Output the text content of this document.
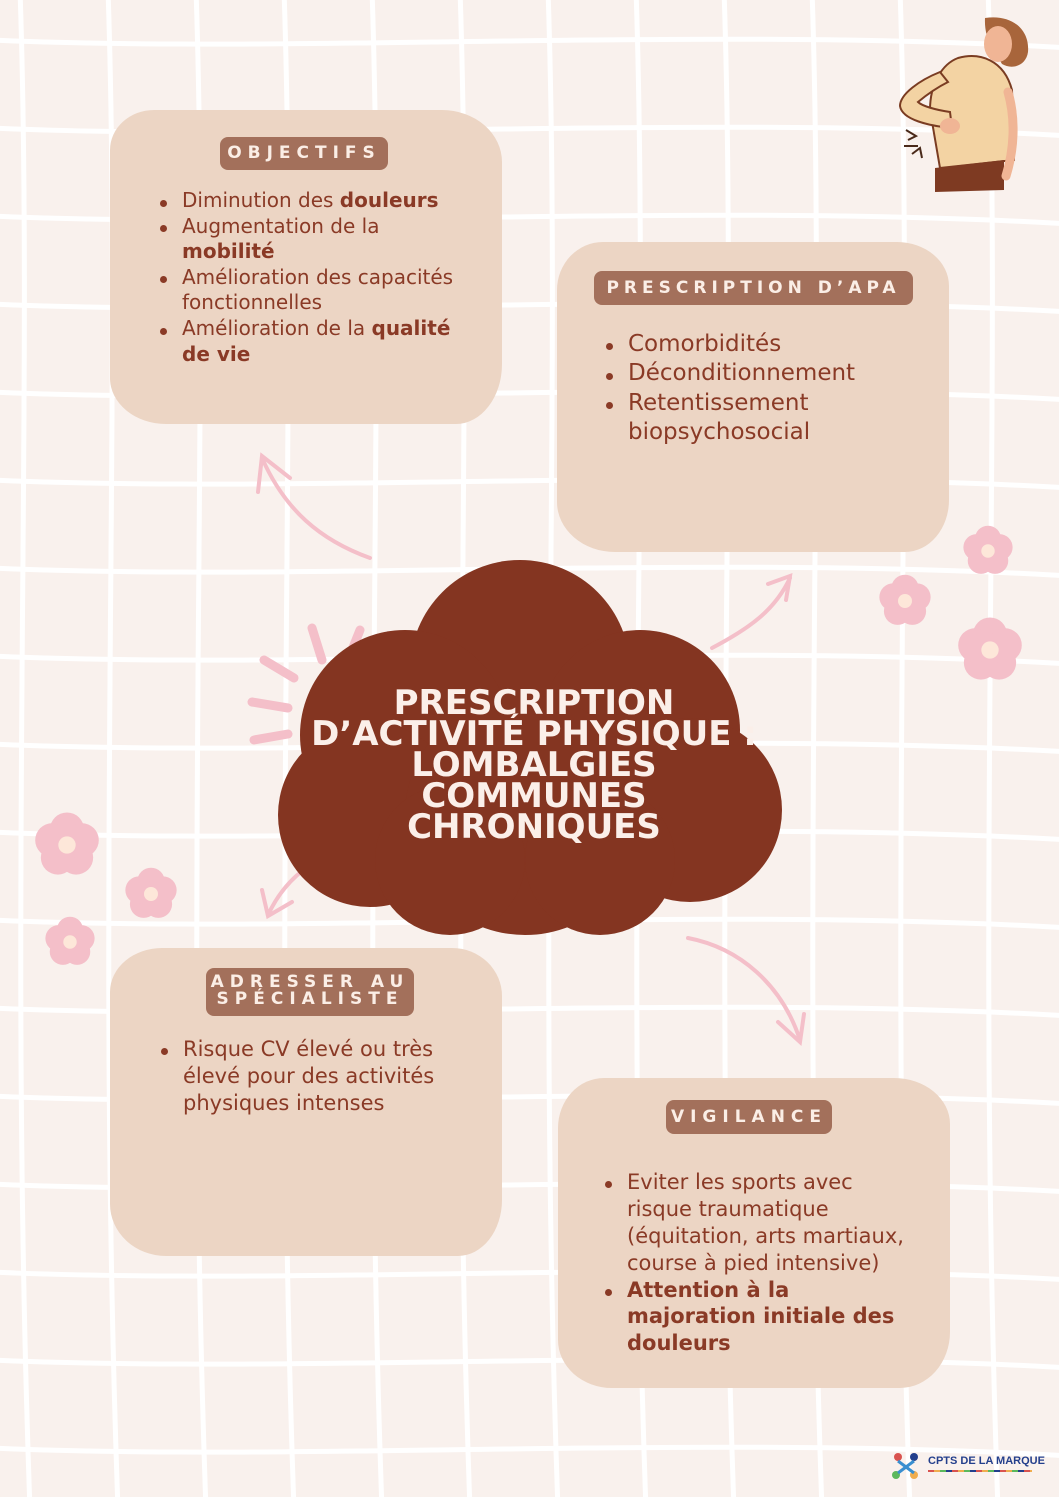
OBJECTIFS
Diminution des douleurs
Augmentation de la mobilité
Amélioration des capacités fonctionnelles
Amélioration de la qualité de vie
PRESCRIPTION D’APA
Comorbidités
Déconditionnement
Retentissement biopsychosocial
PRESCRIPTION
D’ACTIVITÉ PHYSIQUE :
LOMBALGIES
COMMUNES
CHRONIQUES
ADRESSER AU
SPÉCIALISTE
Risque CV élevé ou très élevé pour des activités physiques intenses
VIGILANCE
Eviter les sports avec risque traumatique (équitation, arts martiaux, course à pied intensive)
Attention à la majoration initiale des douleurs
CPTS DE LA MARQUE
